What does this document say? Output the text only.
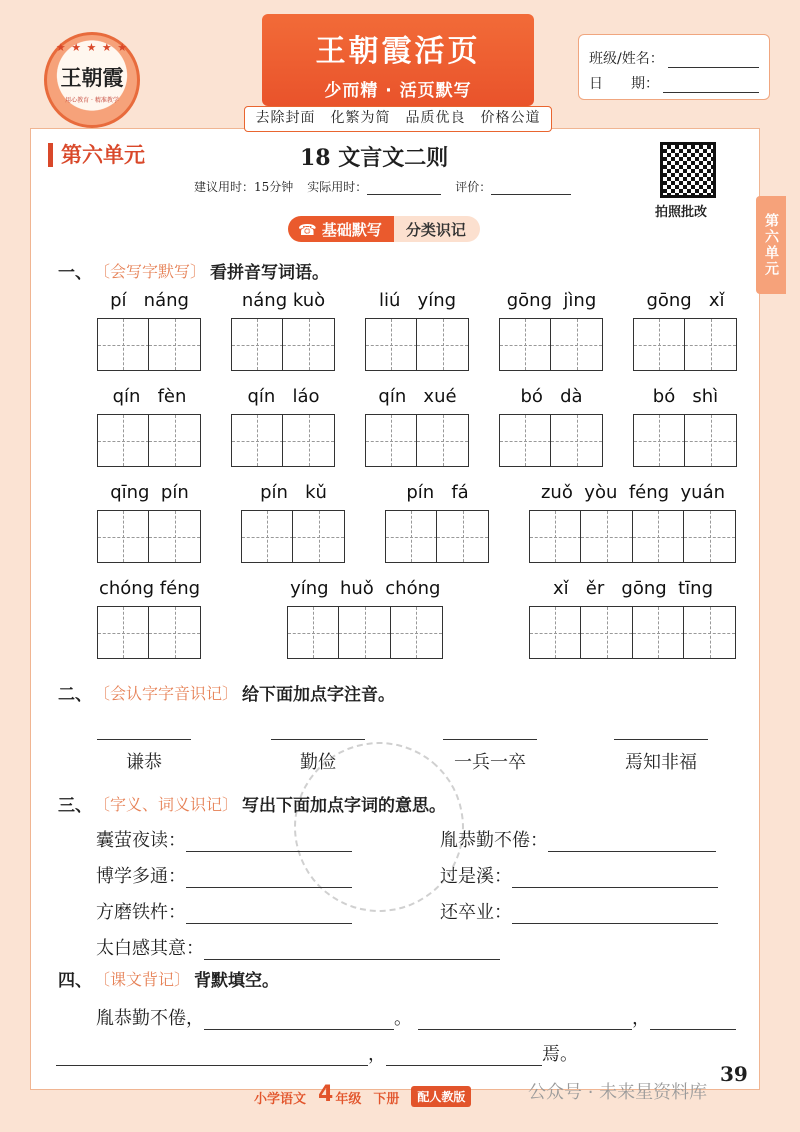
★ ★ ★ ★ ★
王朝霞
用心教育 · 精准教学
王朝霞活页
少而精 · 活页默写
去除封面　化繁为简　品质优良　价格公道
班级/姓名：
日　　期：
第六单元	18 文言文二则
建议用时：15分钟 实际用时：	评价：
拍照批改
第六单元
☎ 基础默写	分类识记
一、 〔会写字默写〕 看拼音写词语。
pí   náng	náng kuò	liú   yíng	gōng  jìng	gōng   xǐ
qín   fèn	qín   láo	qín   xué	bó   dà	bó   shì
qīng  pín	pín   kǔ	pín   fá	zuǒ  yòu  féng  yuán
chóng féng	yíng  huǒ  chóng	xǐ   ěr   gōng  tīng
二、 〔会认字字音识记〕 给下面加点字注音。
谦恭	勤俭	一兵一卒	焉知非福
三、 〔字义、词义识记〕 写出下面加点字词的意思。
囊萤夜读：	胤恭勤不倦：
博学多通：	过是溪：
方磨铁杵：	还卒业：
太白感其意：
四、 〔课文背记〕 背默填空。
胤恭勤不倦，	。	，
，	焉。
小学语文 4 年级 下册	配人教版
39
公众号 · 未来星资料库
